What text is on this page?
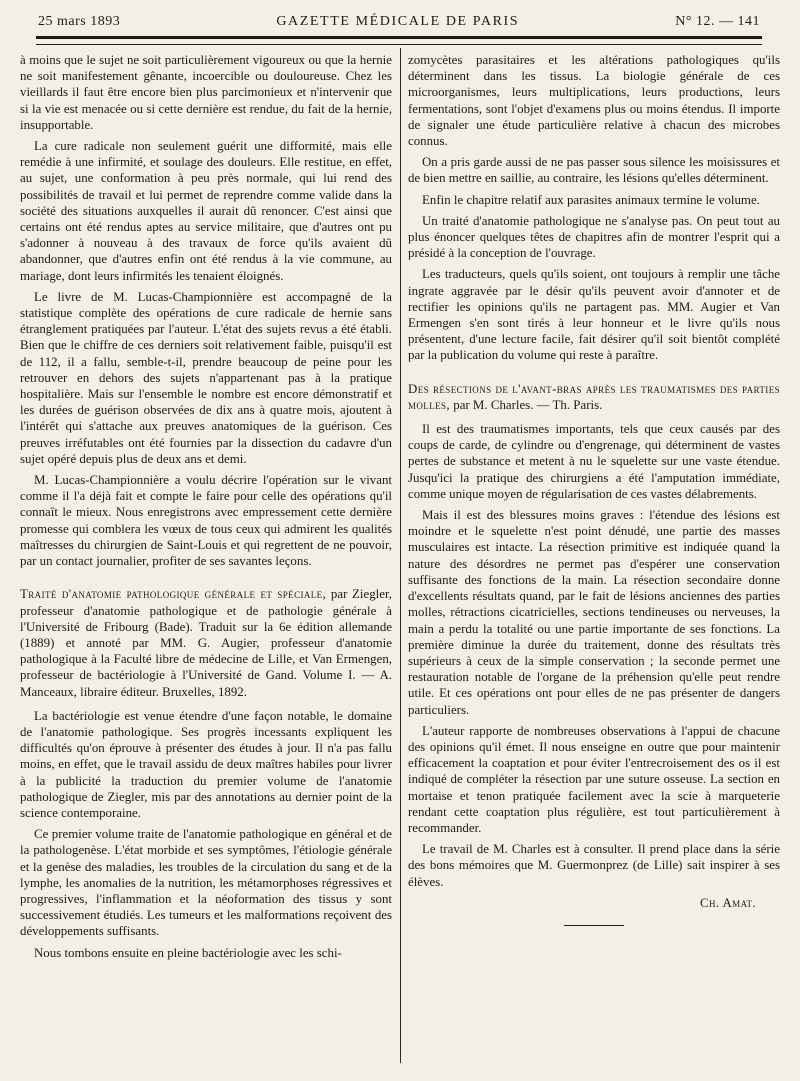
25 mars 1893	GAZETTE MÉDICALE DE PARIS	N° 12. — 141

à moins que le sujet ne soit particulièrement vigoureux ou que la hernie ne soit manifestement gênante, incoercible ou douloureuse. Chez les vieillards il faut être encore bien plus parcimonieux et n'intervenir que si la vie est menacée ou si cette dernière est rendue, du fait de la hernie, insupportable.

La cure radicale non seulement guérit une difformité, mais elle remédie à une infirmité, et soulage des douleurs. Elle restitue, en effet, au sujet, une conformation à peu près normale, qui lui rend des possibilités de travail et lui permet de reprendre comme valide dans la société des situations auxquelles il aurait dû renoncer. C'est ainsi que certains ont été rendus aptes au service militaire, que d'autres ont pu s'adonner à nouveau à des travaux de force qu'ils avaient dû abandonner, que d'autres enfin ont été rendus à la vie commune, au mariage, dont leurs infirmités les tenaient éloignés.

Le livre de M. Lucas-Championnière est accompagné de la statistique complète des opérations de cure radicale de hernie sans étranglement pratiquées par l'auteur. L'état des sujets revus a été établi. Bien que le chiffre de ces derniers soit relativement faible, puisqu'il est de 112, il a fallu, semble-t-il, prendre beaucoup de peine pour les retrouver en dehors des sujets n'appartenant pas à la pratique hospitalière. Mais sur l'ensemble le nombre est encore démonstratif et les durées de guérison observées de dix ans à quatre mois, ajoutent à l'intérêt qui s'attache aux preuves anatomiques de la guérison. Ces preuves irréfutables ont été fournies par la dissection du cadavre d'un sujet opéré depuis plus de deux ans et demi.

M. Lucas-Championnière a voulu décrire l'opération sur le vivant comme il l'a déjà fait et compte le faire pour celle des opérations qu'il connaît le mieux. Nous enregistrons avec empressement cette dernière promesse qui comblera les vœux de tous ceux qui admirent les qualités maîtresses du chirurgien de Saint-Louis et qui regrettent de ne pouvoir, par un contact journalier, profiter de ses savantes leçons.

Traité d'anatomie pathologique générale et spéciale, par Ziegler, professeur d'anatomie pathologique et de pathologie générale à l'Université de Fribourg (Bade). Traduit sur la 6e édition allemande (1889) et annoté par MM. G. Augier, professeur d'anatomie pathologique à la Faculté libre de médecine de Lille, et Van Ermengen, professeur de bactériologie à l'Université de Gand. Volume I. — A. Manceaux, libraire éditeur. Bruxelles, 1892.

La bactériologie est venue étendre d'une façon notable, le domaine de l'anatomie pathologique. Ses progrès incessants expliquent les difficultés qu'on éprouve à présenter des études à jour. Il n'a pas fallu moins, en effet, que le travail assidu de deux maîtres habiles pour livrer à la publicité la traduction du premier volume de l'anatomie pathologique de Ziegler, mis par des annotations au dernier point de la science contemporaine.

Ce premier volume traite de l'anatomie pathologique en général et de la pathologenèse. L'état morbide et ses symptômes, l'étiologie générale et la genèse des maladies, les troubles de la circulation du sang et de la lymphe, les anomalies de la nutrition, les métamorphoses régressives et progressives, l'inflammation et la néoformation des tissus y sont successivement étudiés. Les tumeurs et les malformations reçoivent des développements suffisants.

Nous tombons ensuite en pleine bactériologie avec les schi-

zomycètes parasitaires et les altérations pathologiques qu'ils déterminent dans les tissus. La biologie générale de ces microorganismes, leurs multiplications, leurs productions, leurs fermentations, sont l'objet d'examens plus ou moins étendus. Il importe de signaler une étude particulière relative à chacun des microbes connus.

On a pris garde aussi de ne pas passer sous silence les moisissures et de bien mettre en saillie, au contraire, les lésions qu'elles déterminent.

Enfin le chapitre relatif aux parasites animaux termine le volume.

Un traité d'anatomie pathologique ne s'analyse pas. On peut tout au plus énoncer quelques têtes de chapitres afin de montrer l'esprit qui a présidé à la conception de l'ouvrage.

Les traducteurs, quels qu'ils soient, ont toujours à remplir une tâche ingrate aggravée par le désir qu'ils peuvent avoir d'annoter et de rectifier les opinions qu'ils ne partagent pas. MM. Augier et Van Ermengen s'en sont tirés à leur honneur et le livre qu'ils nous présentent, d'une lecture facile, fait désirer qu'il soit bientôt complété par la publication du volume qui reste à paraître.

Des résections de l'avant-bras après les traumatismes des parties molles, par M. Charles. — Th. Paris.

Il est des traumatismes importants, tels que ceux causés par des coups de carde, de cylindre ou d'engrenage, qui déterminent de vastes pertes de substance et metent à nu le squelette sur une vaste étendue. Jusqu'ici la pratique des chirurgiens a été l'amputation immédiate, comme unique moyen de régularisation de ces vastes délabrements.

Mais il est des blessures moins graves : l'étendue des lésions est moindre et le squelette n'est point dénudé, une partie des masses musculaires est intacte. La résection primitive est indiquée quand la nature des désordres ne permet pas d'espérer une conservation suffisante des fonctions de la main. La résection secondaire donne d'excellents résultats quand, par le fait de lésions anciennes des parties molles, rétractions cicatricielles, sections tendineuses ou nerveuses, la main a perdu la totalité ou une partie importante de ses fonctions. La première diminue la durée du traitement, donne des résultats très supérieurs à ceux de la simple conservation ; la seconde permet une restauration notable de l'organe de la préhension qu'elle peut rendre utile. Et ces opérations ont pour elles de ne pas présenter de dangers particuliers.

L'auteur rapporte de nombreuses observations à l'appui de chacune des opinions qu'il émet. Il nous enseigne en outre que pour maintenir efficacement la coaptation et pour éviter l'entrecroisement des os il est indiqué de compléter la résection par une suture osseuse. La section en mortaise et tenon pratiquée facilement avec la scie à marqueterie rendant cette coaptation plus régulière, est tout particulièrement à recommander.

Le travail de M. Charles est à consulter. Il prend place dans la série des bons mémoires que M. Guermonprez (de Lille) sait inspirer à ses élèves.

Ch. Amat.
